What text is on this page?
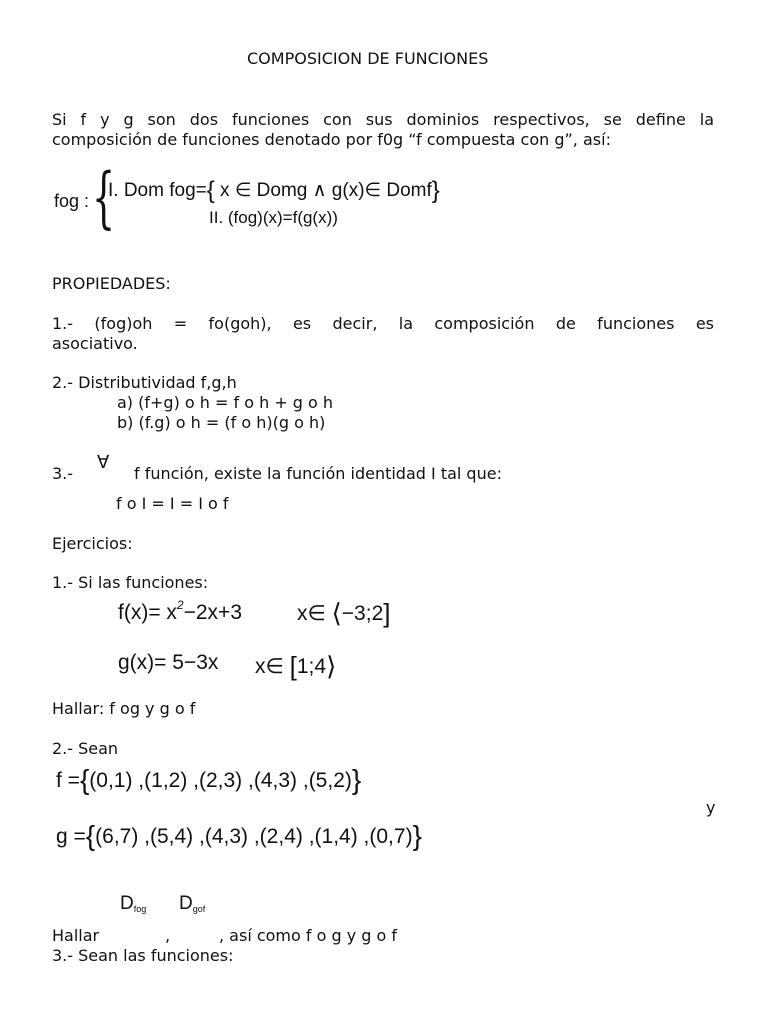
COMPOSICION DE FUNCIONES
Si f y g son dos funciones con sus dominios respectivos, se define la
composición de funciones denotado por f0g “f compuesta con g”, así:
fog : {
I. Dom fog={ x ∈ Domg ∧ g(x)∈ Domf}
II. (fog)(x)=f(g(x))
PROPIEDADES:
1.- (fog)oh = fo(goh), es decir, la composición de funciones es
asociativo.
2.- Distributividad f,g,h
a) (f+g) o h = f o h + g o h
b) (f.g) o h = (f o h)(g o h)
3.-
∀
f función, existe la función identidad I tal que:
f o I = I = I o f
Ejercicios:
1.- Si las funciones:
$f(x)= x^2-2x+3$	x∈ ⟨−3;2]
g(x)= 5−3x x∈ [1;4⟩
Hallar: f og y g o f
2.- Sean
f ={(0,1) ,(1,2) ,(2,3) ,(4,3) ,(5,2)}
y
g ={(6,7) ,(5,4) ,(4,3) ,(2,4) ,(1,4) ,(0,7)}
$D_{fog}$ $D_{gof}$
Hallar	,	, así como f o g y g o f
3.- Sean las funciones:
